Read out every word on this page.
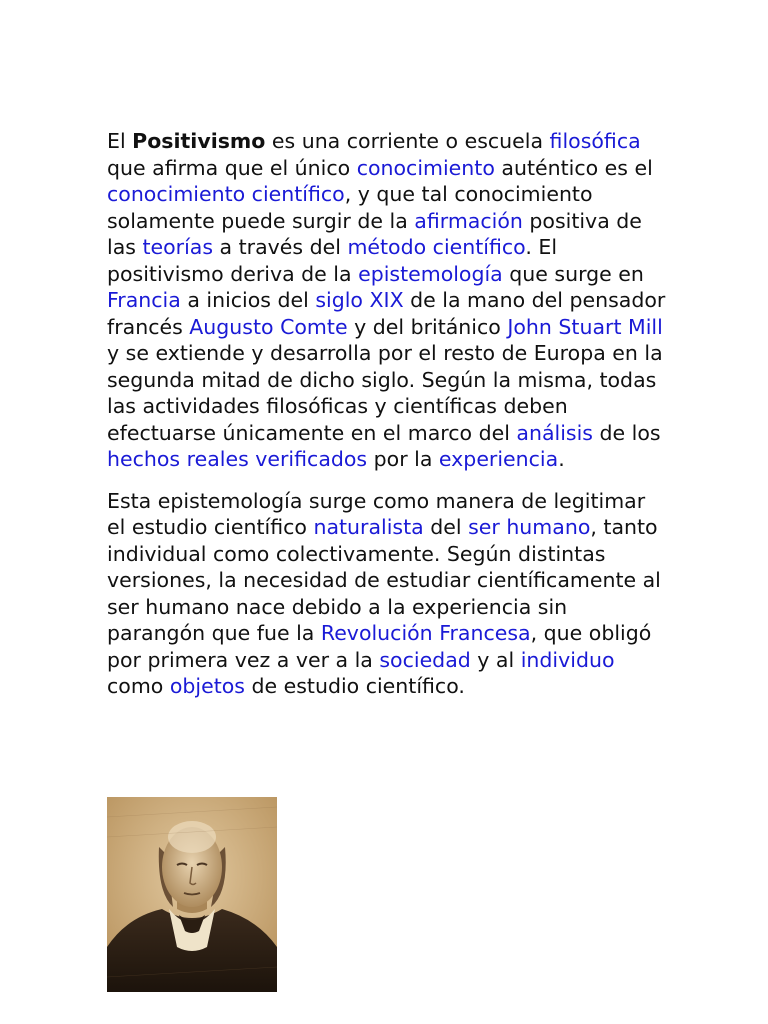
El Positivismo es una corriente o escuela filosófica que afirma que el único conocimiento auténtico es el conocimiento científico, y que tal conocimiento solamente puede surgir de la afirmación positiva de las teorías a través del método científico. El positivismo deriva de la epistemología que surge en Francia a inicios del siglo XIX de la mano del pensador francés Augusto Comte y del británico John Stuart Mill y se extiende y desarrolla por el resto de Europa en la segunda mitad de dicho siglo. Según la misma, todas las actividades filosóficas y científicas deben efectuarse únicamente en el marco del análisis de los hechos reales verificados por la experiencia.

Esta epistemología surge como manera de legitimar el estudio científico naturalista del ser humano, tanto individual como colectivamente. Según distintas versiones, la necesidad de estudiar científicamente al ser humano nace debido a la experiencia sin parangón que fue la Revolución Francesa, que obligó por primera vez a ver a la sociedad y al individuo como objetos de estudio científico.
